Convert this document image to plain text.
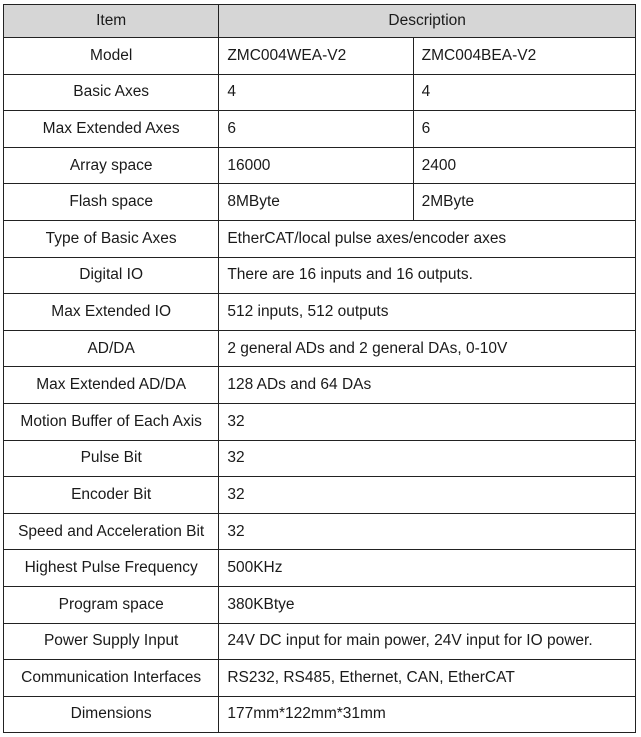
Item	Description	
Model	ZMC004WEA-V2	ZMC004BEA-V2
Basic Axes	4	4
Max Extended Axes	6	6
Array space	16000	2400
Flash space	8MByte	2MByte
Type of Basic Axes	EtherCAT/local pulse axes/encoder axes	
Digital IO	There are 16 inputs and 16 outputs.	
Max Extended IO	512 inputs, 512 outputs	
AD/DA	2 general ADs and 2 general DAs, 0-10V	
Max Extended AD/DA	128 ADs and 64 DAs	
Motion Buffer of Each Axis	32	
Pulse Bit	32	
Encoder Bit	32	
Speed and Acceleration Bit	32	
Highest Pulse Frequency	500KHz	
Program space	380KBtye	
Power Supply Input	24V DC input for main power, 24V input for IO power.	
Communication Interfaces	RS232, RS485, Ethernet, CAN, EtherCAT	
Dimensions	177mm*122mm*31mm	
